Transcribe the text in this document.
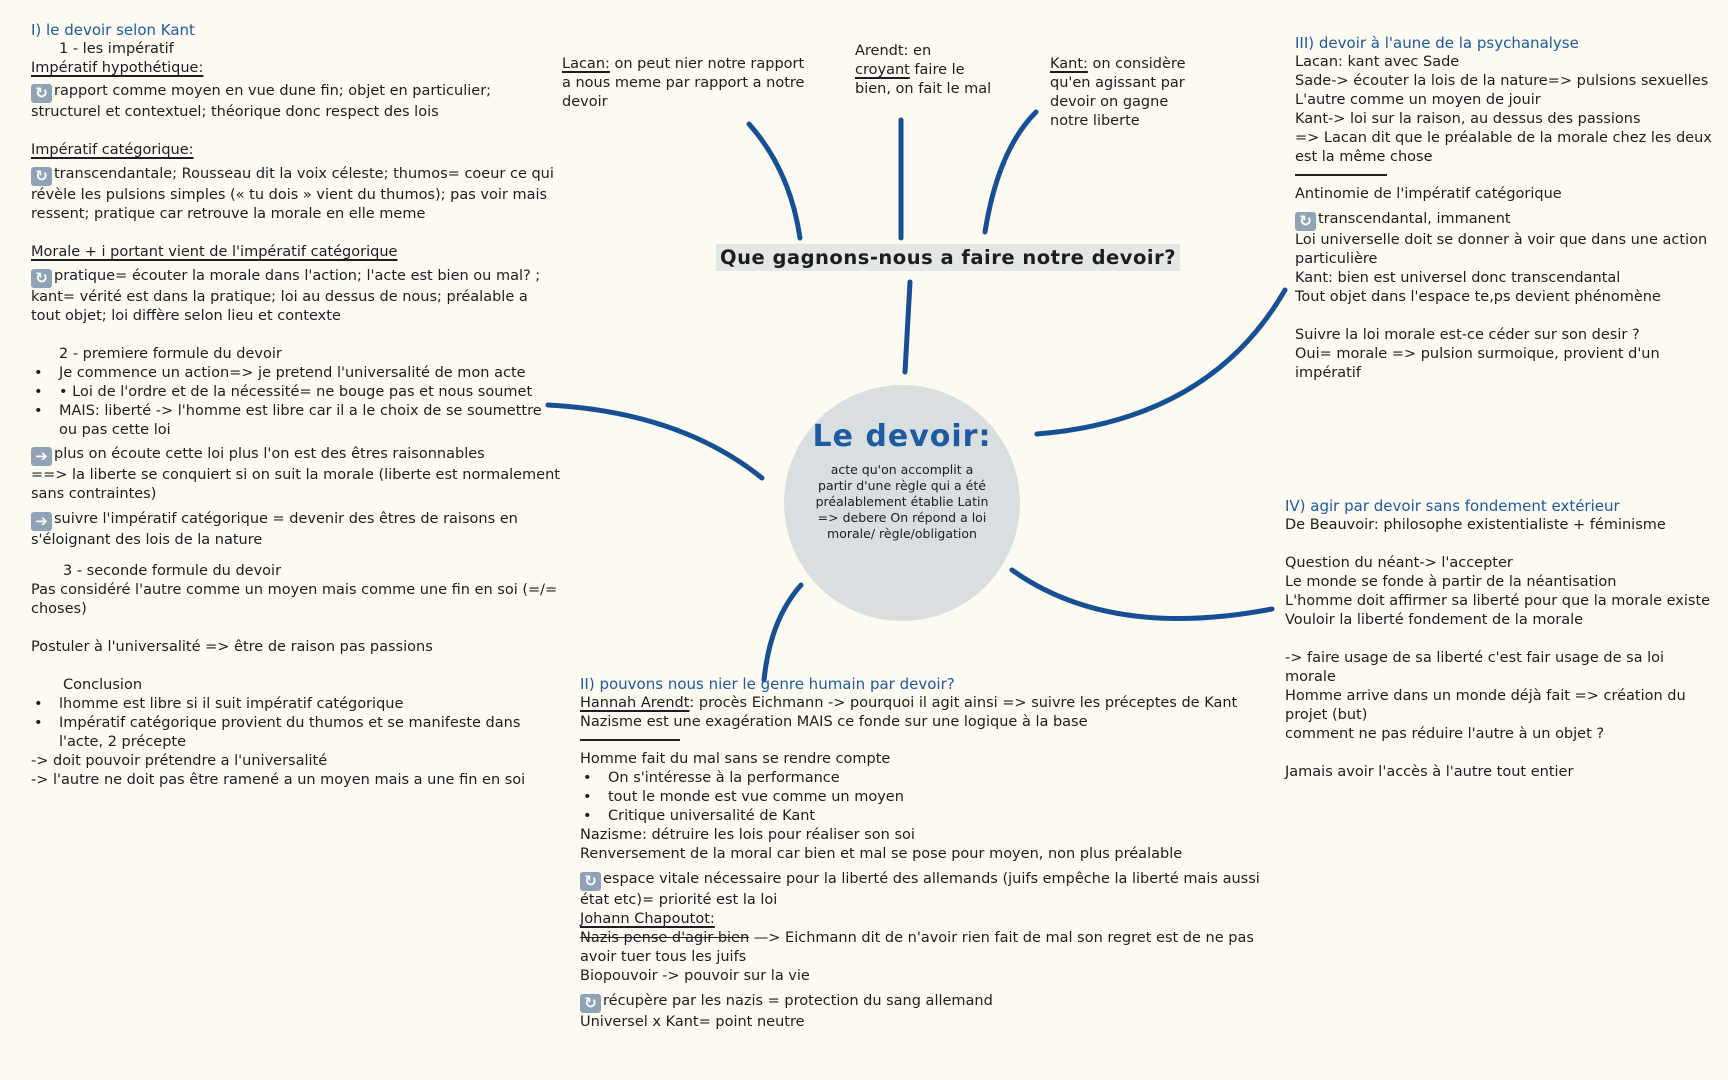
Le devoir:
acte qu'on accomplit a partir d'une règle qui a été préalablement établie Latin => debere On répond a loi morale/ règle/obligation
Que gagnons-nous a faire notre devoir?
Lacan: on peut nier notre rapport a nous meme par rapport a notre devoir
Arendt: en
croyant faire le bien, on fait le mal
Kant: on considère qu'en agissant par devoir on gagne notre liberte

I) le devoir selon Kant

1 - les impératif

Impératif hypothétique:

↻ rapport comme moyen en vue dune fin; objet en particulier; structurel et contextuel; théorique donc respect des lois

Impératif catégorique:

↻ transcendantale; Rousseau dit la voix céleste; thumos= coeur ce qui révèle les pulsions simples (« tu dois » vient du thumos); pas voir mais ressent; pratique car retrouve la morale en elle meme

Morale + i portant vient de l'impératif catégorique

↻ pratique= écouter la morale dans l'action; l'acte est bien ou mal? ; kant= vérité est dans la pratique; loi au dessus de nous; préalable a tout objet; loi diffère selon lieu et contexte

2 - premiere formule du devoir

• Je commence un action=> je pretend l'universalité de mon acte

• • Loi de l'ordre et de la nécessité= ne bouge pas et nous soumet

• MAIS: liberté -> l'homme est libre car il a le choix de se soumettre ou pas cette loi

➔ plus on écoute cette loi plus l'on est des êtres raisonnables

==> la liberte se conquiert si on suit la morale (liberte est normalement sans contraintes)

➔ suivre l'impératif catégorique = devenir des êtres de raisons en s'éloignant des lois de la nature

3 - seconde formule du devoir

Pas considéré l'autre comme un moyen mais comme une fin en soi (=/= choses)

Postuler à l'universalité => être de raison pas passions

Conclusion

• lhomme est libre si il suit impératif catégorique

• Impératif catégorique provient du thumos et se manifeste dans l'acte, 2 précepte

-> doit pouvoir prétendre a l'universalité

-> l'autre ne doit pas être ramené a un moyen mais a une fin en soi

II) pouvons nous nier le genre humain par devoir?

Hannah Arendt: procès Eichmann -> pourquoi il agit ainsi => suivre les préceptes de Kant

Nazisme est une exagération MAIS ce fonde sur une logique à la base

Homme fait du mal sans se rendre compte

• On s'intéresse à la performance

• tout le monde est vue comme un moyen

• Critique universalité de Kant

Nazisme: détruire les lois pour réaliser son soi

Renversement de la moral car bien et mal se pose pour moyen, non plus préalable

↻ espace vitale nécessaire pour la liberté des allemands (juifs empêche la liberté mais aussi état etc)= priorité est la loi

Johann Chapoutot:

Nazis pense d'agir bien —> Eichmann dit de n'avoir rien fait de mal son regret est de ne pas avoir tuer tous les juifs

Biopouvoir -> pouvoir sur la vie

↻ récupère par les nazis = protection du sang allemand

Universel x Kant= point neutre

III) devoir à l'aune de la psychanalyse

Lacan: kant avec Sade

Sade-> écouter la lois de la nature=> pulsions sexuelles

L'autre comme un moyen de jouir

Kant-> loi sur la raison, au dessus des passions

=> Lacan dit que le préalable de la morale chez les deux est la même chose

Antinomie de l'impératif catégorique

↻ transcendantal, immanent

Loi universelle doit se donner à voir que dans une action particulière

Kant: bien est universel donc transcendantal

Tout objet dans l'espace te,ps devient phénomène

Suivre la loi morale est-ce céder sur son desir ?

Oui= morale => pulsion surmoique, provient d'un impératif

IV) agir par devoir sans fondement extérieur

De Beauvoir: philosophe existentialiste + féminisme

Question du néant-> l'accepter

Le monde se fonde à partir de la néantisation

L'homme doit affirmer sa liberté pour que la morale existe

Vouloir la liberté fondement de la morale

-> faire usage de sa liberté c'est fair usage de sa loi morale

Homme arrive dans un monde déjà fait => création du projet (but)

comment ne pas réduire l'autre à un objet ?

Jamais avoir l'accès à l'autre tout entier
